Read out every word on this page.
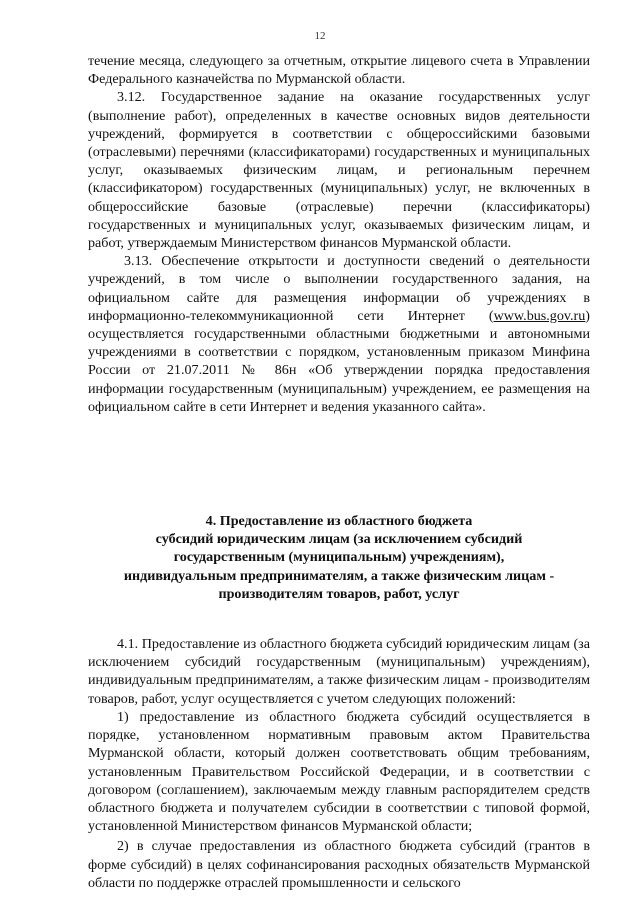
12

течение месяца, следующего за отчетным, открытие лицевого счета в Управлении Федерального казначейства по Мурманской области.

3.12. Государственное задание на оказание государственных услуг (выполнение работ), определенных в качестве основных видов деятельности учреждений, формируется в соответствии с общероссийскими базовыми (отраслевыми) перечнями (классификаторами) государственных и муниципальных услуг, оказываемых физическим лицам, и региональным перечнем (классификатором) государственных (муниципальных) услуг, не включенных в общероссийские базовые (отраслевые) перечни (классификаторы) государственных и муниципальных услуг, оказываемых физическим лицам, и работ, утверждаемым Министерством финансов Мурманской области.

3.13. Обеспечение открытости и доступности сведений о деятельности учреждений, в том числе о выполнении государственного задания, на официальном сайте для размещения информации об учреждениях в информационно-телекоммуникационной сети Интернет (www.bus.gov.ru) осуществляется государственными областными бюджетными и автономными учреждениями в соответствии с порядком, установленным приказом Минфина России от 21.07.2011 № 86н «Об утверждении порядка предоставления информации государственным (муниципальным) учреждением, ее размещения на официальном сайте в сети Интернет и ведения указанного сайта».

4. Предоставление из областного бюджета
субсидий юридическим лицам (за исключением субсидий
государственным (муниципальным) учреждениям),
индивидуальным предпринимателям, а также физическим лицам -
производителям товаров, работ, услуг

4.1. Предоставление из областного бюджета субсидий юридическим лицам (за исключением субсидий государственным (муниципальным) учреждениям), индивидуальным предпринимателям, а также физическим лицам - производителям товаров, работ, услуг осуществляется с учетом следующих положений:

1) предоставление из областного бюджета субсидий осуществляется в порядке, установленном нормативным правовым актом Правительства Мурманской области, который должен соответствовать общим требованиям, установленным Правительством Российской Федерации, и в соответствии с договором (соглашением), заключаемым между главным распорядителем средств областного бюджета и получателем субсидии в соответствии с типовой формой, установленной Министерством финансов Мурманской области;

2) в случае предоставления из областного бюджета субсидий (грантов в форме субсидий) в целях софинансирования расходных обязательств Мурманской области по поддержке отраслей промышленности и сельского
